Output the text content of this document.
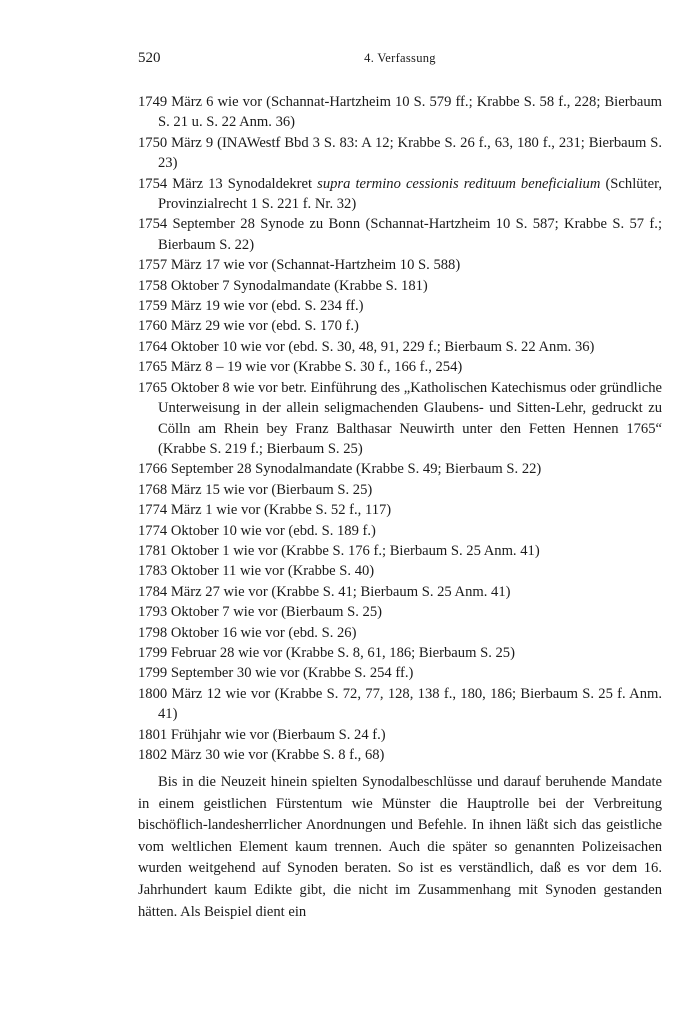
520	4. Verfassung
1749 März 6 wie vor (Schannat-Hartzheim 10 S. 579 ff.; Krabbe S. 58 f., 228; Bierbaum S. 21 u. S. 22 Anm. 36)
1750 März 9 (INAWestf Bbd 3 S. 83: A 12; Krabbe S. 26 f., 63, 180 f., 231; Bierbaum S. 23)
1754 März 13 Synodaldekret supra termino cessionis redituum beneficialium (Schlüter, Provinzialrecht 1 S. 221 f. Nr. 32)
1754 September 28 Synode zu Bonn (Schannat-Hartzheim 10 S. 587; Krabbe S. 57 f.; Bierbaum S. 22)
1757 März 17 wie vor (Schannat-Hartzheim 10 S. 588)
1758 Oktober 7 Synodalmandate (Krabbe S. 181)
1759 März 19 wie vor (ebd. S. 234 ff.)
1760 März 29 wie vor (ebd. S. 170 f.)
1764 Oktober 10 wie vor (ebd. S. 30, 48, 91, 229 f.; Bierbaum S. 22 Anm. 36)
1765 März 8 – 19 wie vor (Krabbe S. 30 f., 166 f., 254)
1765 Oktober 8 wie vor betr. Einführung des „Katholischen Katechismus oder gründliche Unterweisung in der allein seligmachenden Glaubens- und Sitten-Lehr, gedruckt zu Cölln am Rhein bey Franz Balthasar Neuwirth unter den Fetten Hennen 1765“ (Krabbe S. 219 f.; Bierbaum S. 25)
1766 September 28 Synodalmandate (Krabbe S. 49; Bierbaum S. 22)
1768 März 15 wie vor (Bierbaum S. 25)
1774 März 1 wie vor (Krabbe S. 52 f., 117)
1774 Oktober 10 wie vor (ebd. S. 189 f.)
1781 Oktober 1 wie vor (Krabbe S. 176 f.; Bierbaum S. 25 Anm. 41)
1783 Oktober 11 wie vor (Krabbe S. 40)
1784 März 27 wie vor (Krabbe S. 41; Bierbaum S. 25 Anm. 41)
1793 Oktober 7 wie vor (Bierbaum S. 25)
1798 Oktober 16 wie vor (ebd. S. 26)
1799 Februar 28 wie vor (Krabbe S. 8, 61, 186; Bierbaum S. 25)
1799 September 30 wie vor (Krabbe S. 254 ff.)
1800 März 12 wie vor (Krabbe S. 72, 77, 128, 138 f., 180, 186; Bierbaum S. 25 f. Anm. 41)
1801 Frühjahr wie vor (Bierbaum S. 24 f.)
1802 März 30 wie vor (Krabbe S. 8 f., 68)

Bis in die Neuzeit hinein spielten Synodalbeschlüsse und darauf beruhende Mandate in einem geistlichen Fürstentum wie Münster die Hauptrolle bei der Verbreitung bischöflich-landesherrlicher Anordnungen und Befehle. In ihnen läßt sich das geistliche vom weltlichen Element kaum trennen. Auch die später so genannten Polizeisachen wurden weitgehend auf Synoden beraten. So ist es verständlich, daß es vor dem 16. Jahrhundert kaum Edikte gibt, die nicht im Zusammenhang mit Synoden gestanden hätten. Als Beispiel dient ein
